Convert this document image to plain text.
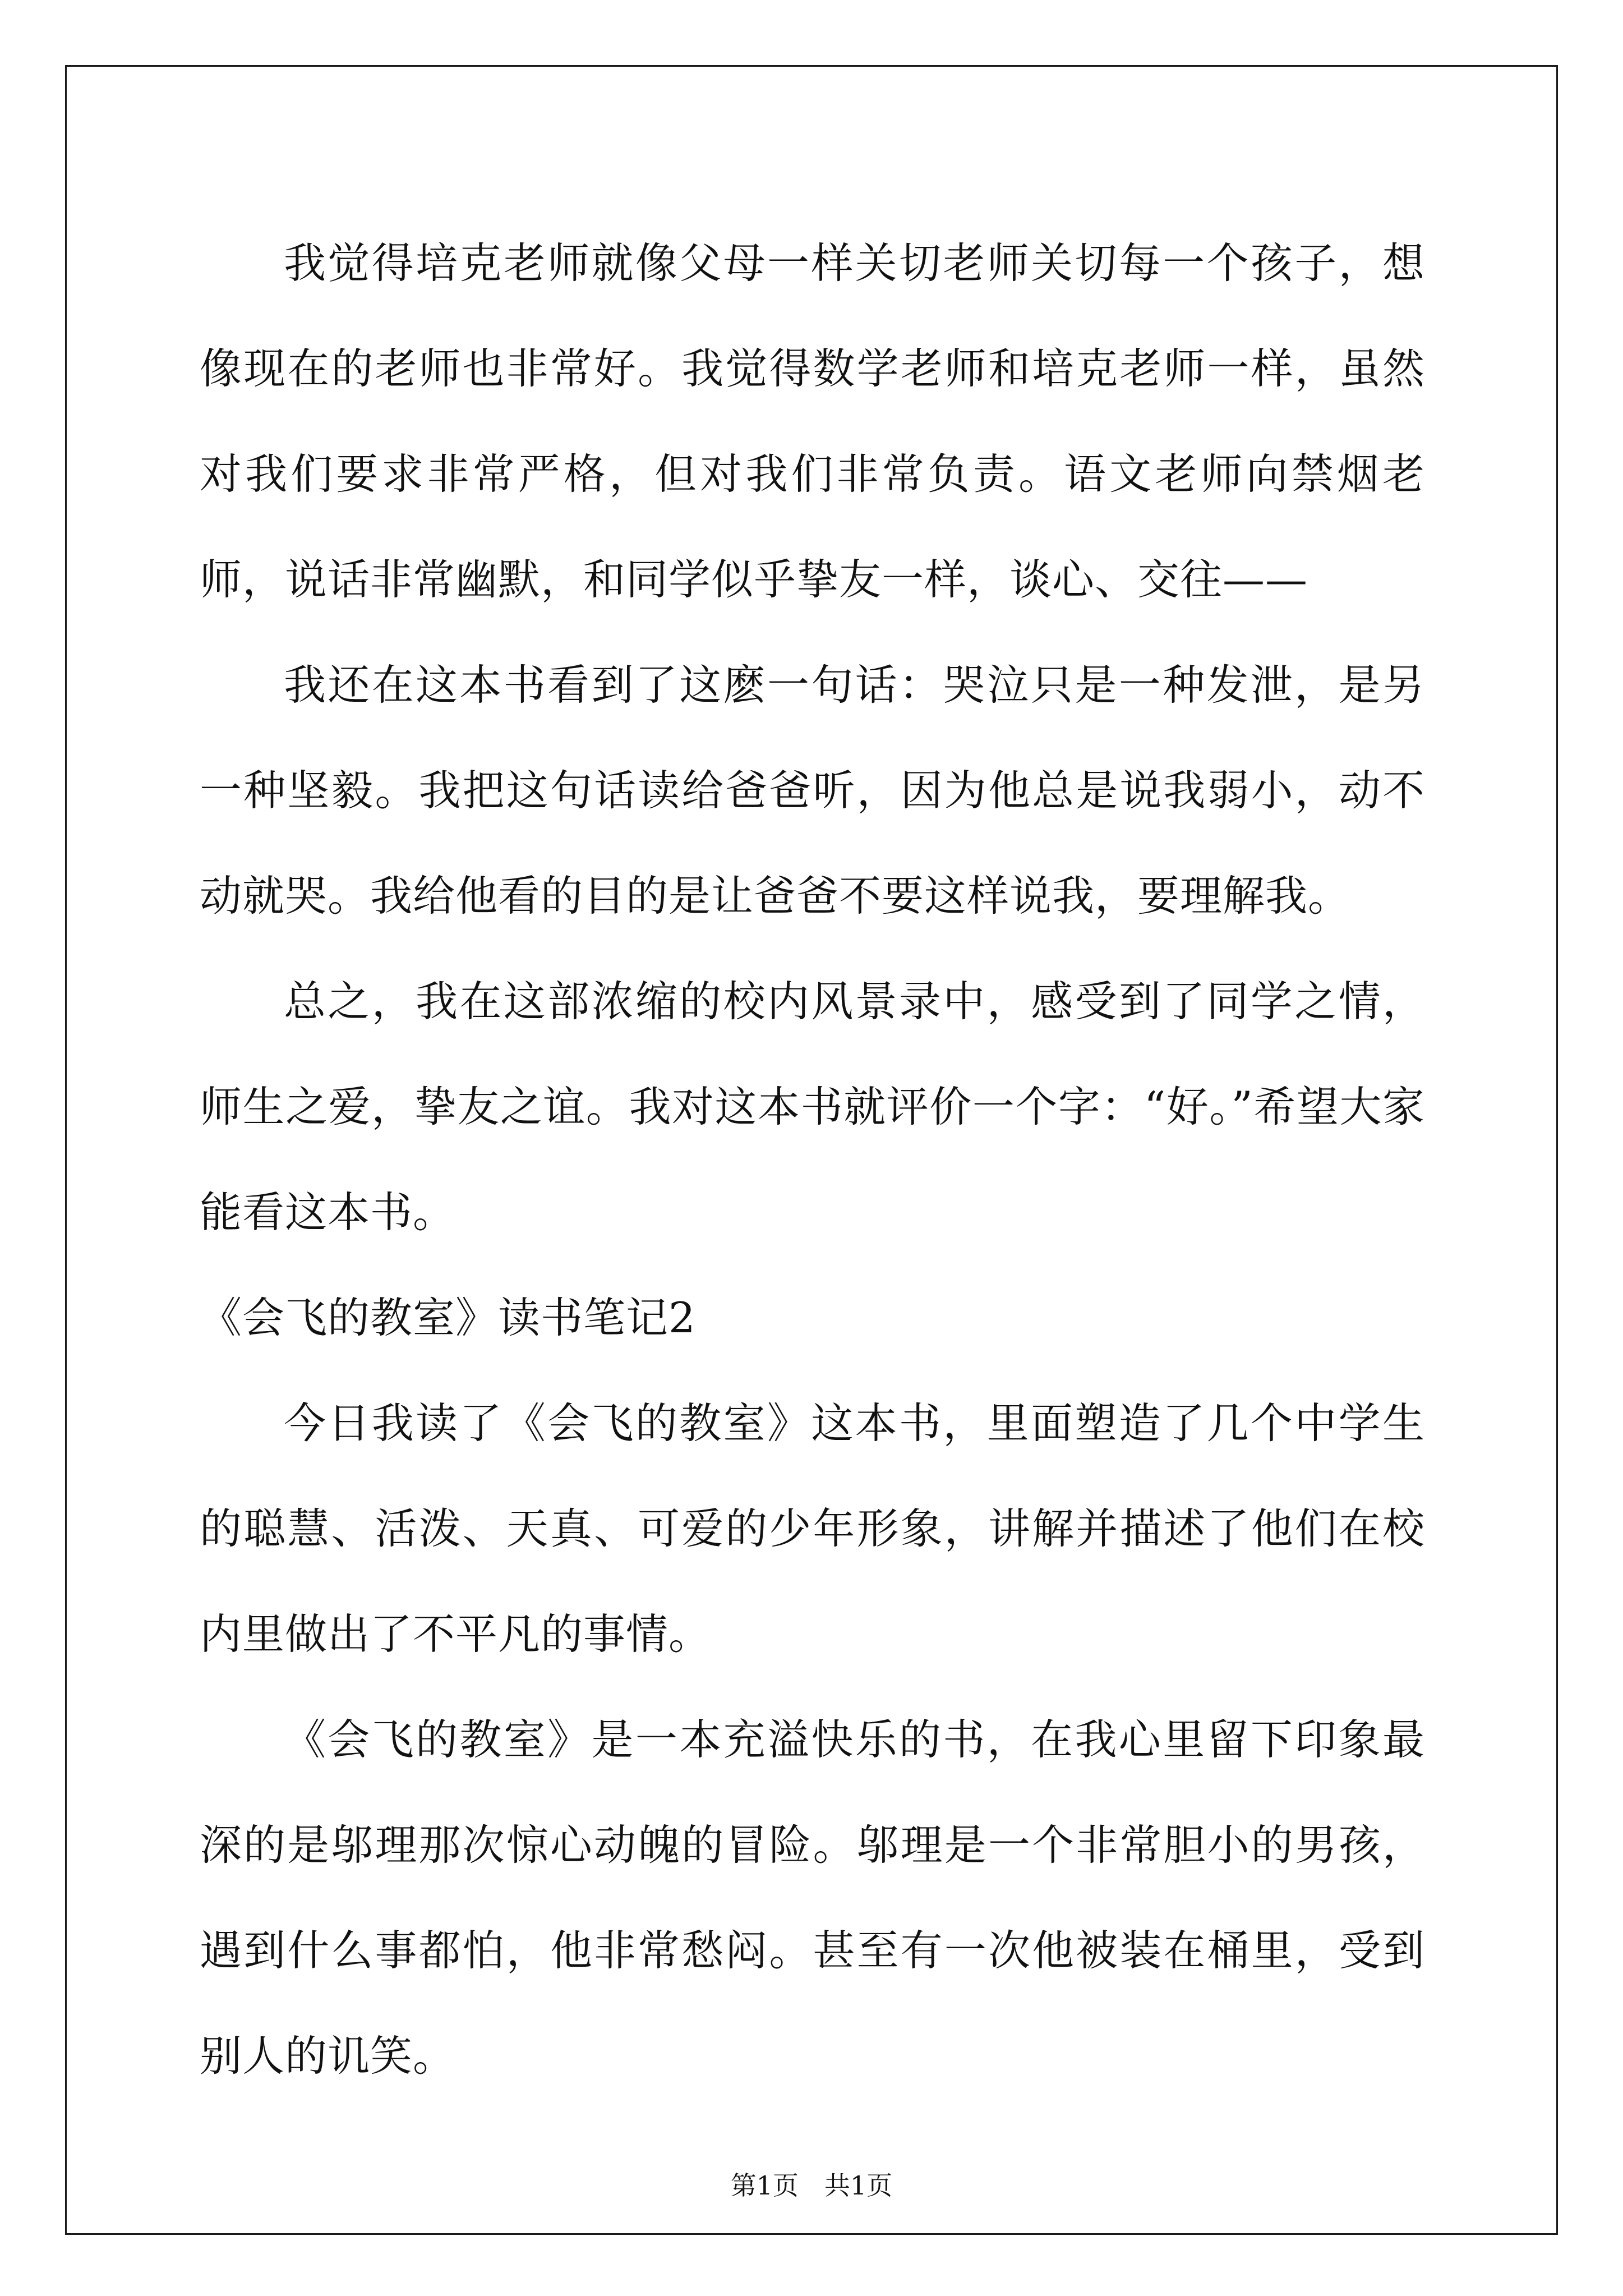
我觉得培克老师就像父母一样关切老师关切每一个孩子，想像现在的老师也非常好。我觉得数学老师和培克老师一样，虽然对我们要求非常严格，但对我们非常负责。语文老师向禁烟老师，说话非常幽默，和同学似乎挚友一样，谈心、交往——

我还在这本书看到了这麽一句话：哭泣只是一种发泄，是另一种坚毅。我把这句话读给爸爸听，因为他总是说我弱小，动不动就哭。我给他看的目的是让爸爸不要这样说我，要理解我。

总之，我在这部浓缩的校内风景录中，感受到了同学之情，师生之爱，挚友之谊。我对这本书就评价一个字：“好。”希望大家能看这本书。

《会飞的教室》读书笔记2

今日我读了《会飞的教室》这本书，里面塑造了几个中学生的聪慧、活泼、天真、可爱的少年形象，讲解并描述了他们在校内里做出了不平凡的事情。

《会飞的教室》是一本充溢快乐的书，在我心里留下印象最深的是邬理那次惊心动魄的冒险。邬理是一个非常胆小的男孩，遇到什么事都怕，他非常愁闷。甚至有一次他被装在桶里，受到别人的讥笑。

第1页 共1页
